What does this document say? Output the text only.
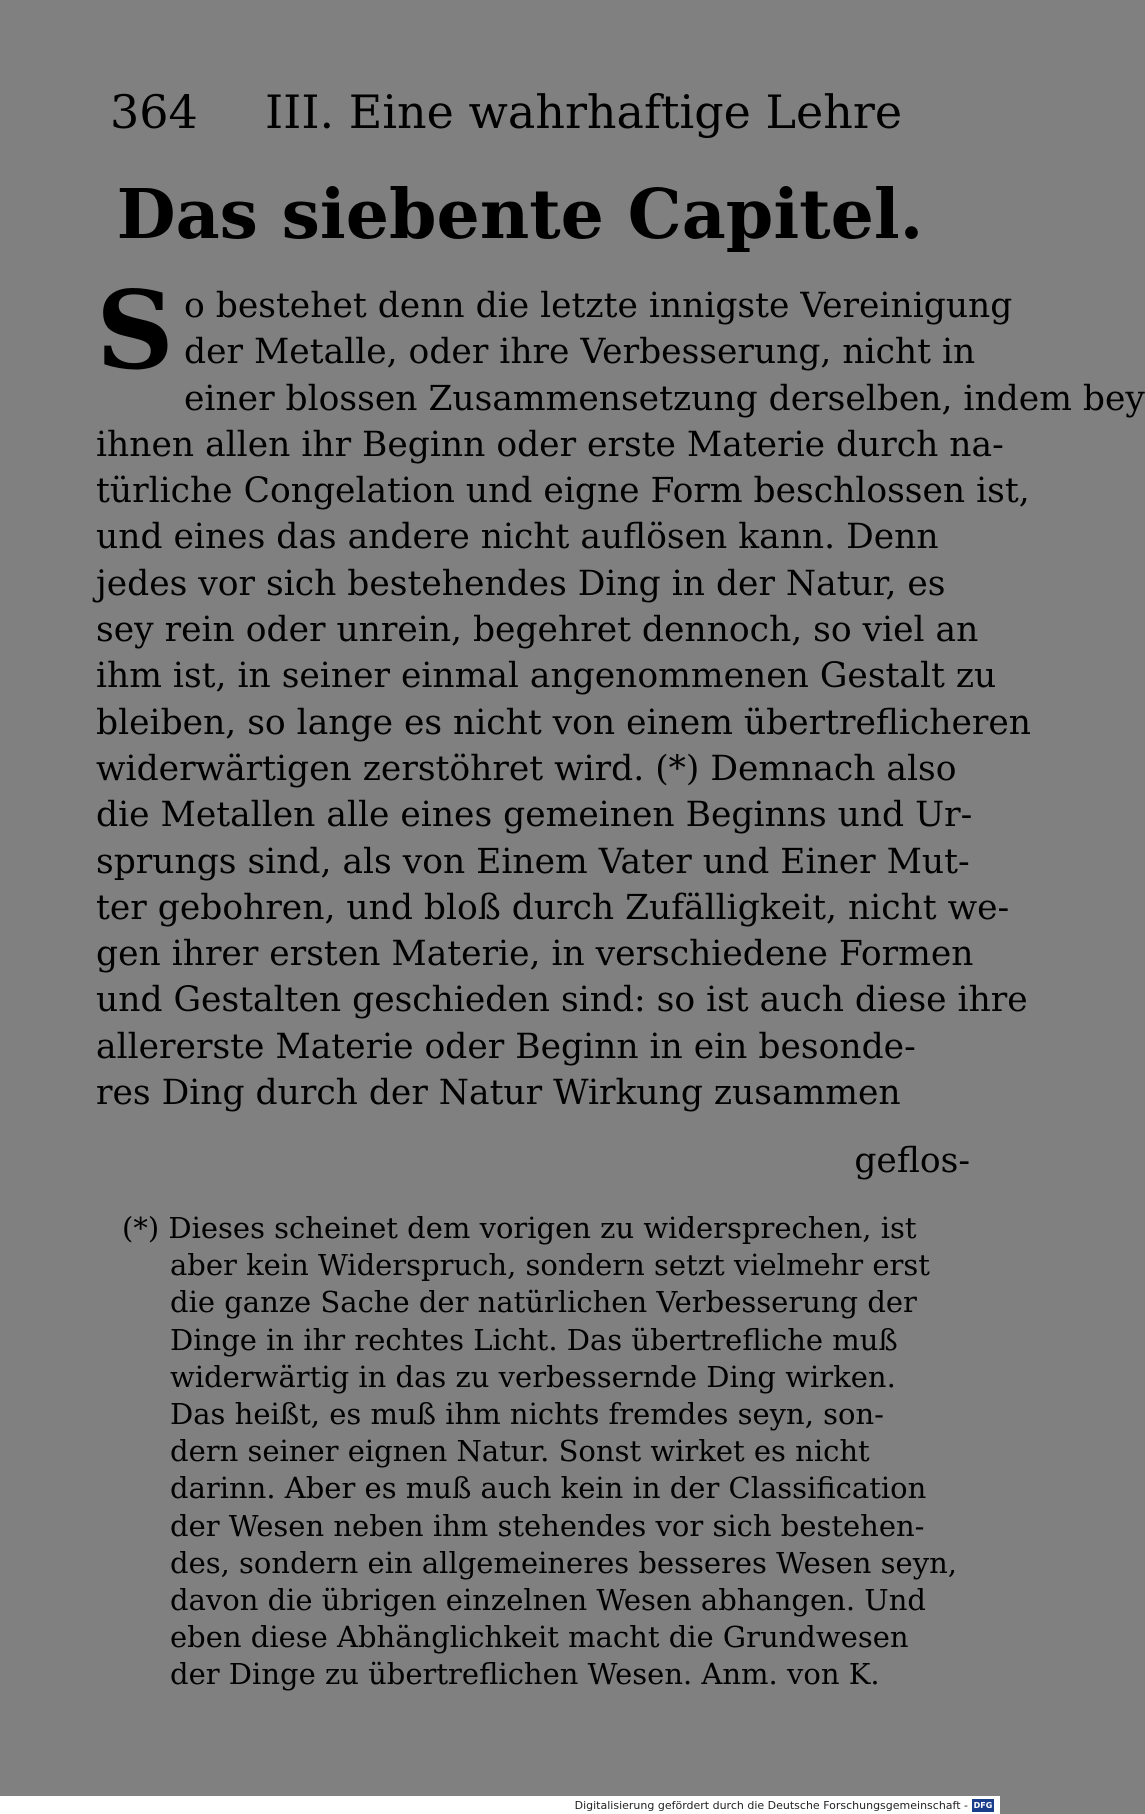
364 III. Eine wahrhaftige Lehre
Das siebente Capitel.
S o bestehet denn die letzte innigste Vereinigung
der Metalle, oder ihre Verbesserung, nicht in
einer blossen Zusammensetzung derselben, indem bey
ihnen allen ihr Beginn oder erste Materie durch na-
türliche Congelation und eigne Form beschlossen ist,
und eines das andere nicht auflösen kann. Denn
jedes vor sich bestehendes Ding in der Natur, es
sey rein oder unrein, begehret dennoch, so viel an
ihm ist, in seiner einmal angenommenen Gestalt zu
bleiben, so lange es nicht von einem übertreflicheren
widerwärtigen zerstöhret wird. (*) Demnach also
die Metallen alle eines gemeinen Beginns und Ur-
sprungs sind, als von Einem Vater und Einer Mut-
ter gebohren, und bloß durch Zufälligkeit, nicht we-
gen ihrer ersten Materie, in verschiedene Formen
und Gestalten geschieden sind: so ist auch diese ihre
allererste Materie oder Beginn in ein besonde-
res Ding durch der Natur Wirkung zusammen
geflos-
(*) Dieses scheinet dem vorigen zu widersprechen, ist
aber kein Widerspruch, sondern setzt vielmehr erst
die ganze Sache der natürlichen Verbesserung der
Dinge in ihr rechtes Licht. Das übertrefliche muß
widerwärtig in das zu verbessernde Ding wirken.
Das heißt, es muß ihm nichts fremdes seyn, son-
dern seiner eignen Natur. Sonst wirket es nicht
darinn. Aber es muß auch kein in der Classification
der Wesen neben ihm stehendes vor sich bestehen-
des, sondern ein allgemeineres besseres Wesen seyn,
davon die übrigen einzelnen Wesen abhangen. Und
eben diese Abhänglichkeit macht die Grundwesen
der Dinge zu übertreflichen Wesen. Anm. von K.
Digitalisierung gefördert durch die Deutsche Forschungsgemeinschaft - DFG
